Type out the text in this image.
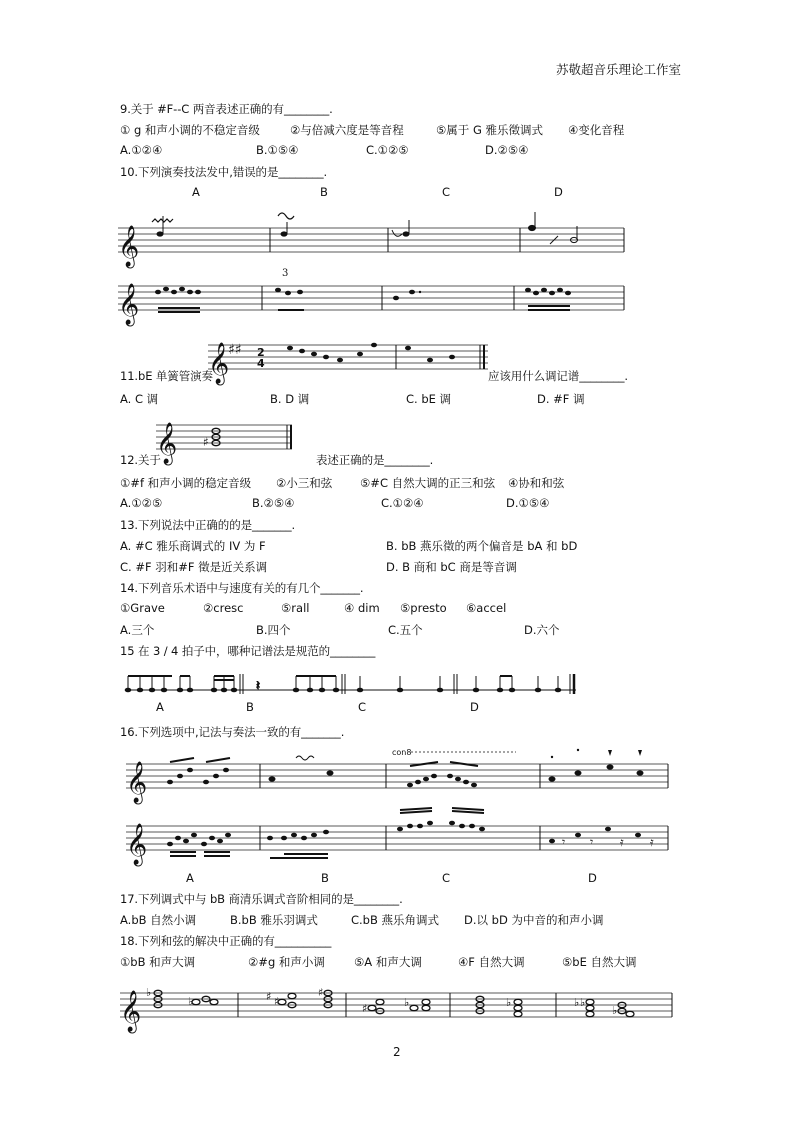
苏敬超音乐理论工作室
9.关于 #F--C 两音表述正确的有________.
① g 和声小调的不稳定音级	②与倍减六度是等音程	⑤属于 G 雅乐徵调式 ④变化音程
A.①②④	B.①⑤④	C.①②⑤	D.②⑤④
10.下列演奏技法发中,错误的是________.
A	B	C	D
𝄞
𝄞
3
𝄞
♯♯ 2
4
11.bE 单簧管演奏	应该用什么调记谱________.
A. C 调	B. D 调	C. bE 调	D. #F 调
𝄞 ♯
12.关于	表述正确的是________.
①#f 和声小调的稳定音级 ②小三和弦 ⑤#C 自然大调的正三和弦 ④协和和弦
A.①②⑤	B.②⑤④	C.①②④	D.①⑤④
13.下列说法中正确的的是_______.
A. #C 雅乐商调式的 IV 为 F	B. bB 燕乐徵的两个偏音是 bA 和 bD
C. #F 羽和#F 徵是近关系调	D. B 商和 bC 商是等音调
14.下列音乐术语中与速度有关的有几个_______.
①Grave	②cresc	⑤rall	④ dim ⑤presto ⑥accel
A.三个	B.四个	C.五个	D.六个
15 在 3 / 4 拍子中，哪种记谱法是规范的________
𝄽
A	B	C	D
16.下列选项中,记法与奏法一致的有_______.
con8
𝄞
𝄞	𝄾 𝄾 𝄿 𝄿
A	B	C	D
17.下列调式中与 bB 商清乐调式音阶相同的是________.
A.bB 自然小调	B.bB 雅乐羽调式	C.bB 燕乐角调式 D.以 bD 为中音的和声小调
18.下列和弦的解决中正确的有__________
①bB 和声大调	②#g 和声小调	⑤A 和声大调	④F 自然大调	⑤bE 自然大调
𝄞 ♭
♭	♯ ♯
♯
♯	♭	♭	♭ ♭
♭
2
